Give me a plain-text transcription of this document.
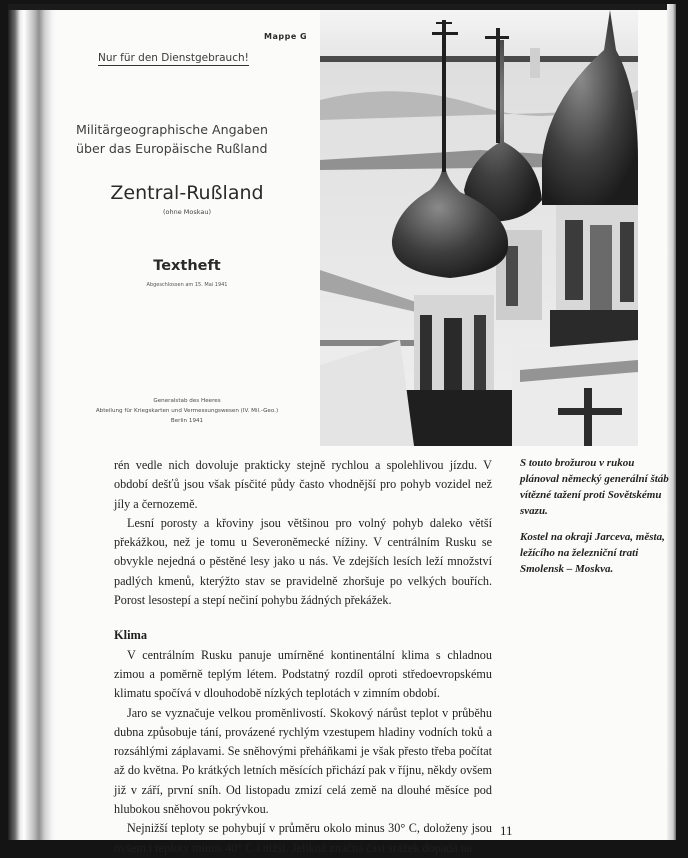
Mappe G
Nur für den Dienstgebrauch!
Militärgeographische Angaben
über das Europäische Rußland
Zentral-Rußland
(ohne Moskau)
Textheft
Abgeschlossen am 15. Mai 1941
Generalstab des Heeres
Abteilung für Kriegskarten und Vermessungswesen (IV. Mil.-Geo.)
Berlin 1941

rén vedle nich dovoluje prakticky stejně rychlou a spolehlivou jízdu. V období dešťů jsou však písčité půdy často vhodnější pro pohyb vozidel než jíly a černozemě.

Lesní porosty a křoviny jsou většinou pro volný pohyb daleko větší překážkou, než je tomu u Severoněmecké nížiny. V centrálním Rusku se obvykle nejedná o pěstěné lesy jako u nás. Ve zdejších lesích leží množství padlých kmenů, kterýžto stav se pravidelně zhoršuje po velkých bouřích. Porost lesostepí a stepí nečiní pohybu žádných překážek.

Klima

V centrálním Rusku panuje umírněné kontinentální klima s chladnou zimou a poměrně teplým létem. Podstatný rozdíl oproti středoevropskému klimatu spočívá v dlouhodobě nízkých teplotách v zimním období.

Jaro se vyznačuje velkou proměnlivostí. Skokový nárůst teplot v průběhu dubna způsobuje tání, provázené rychlým vzestupem hladiny vodních toků a rozsáhlými záplavami. Se sněhovými přeháňkami je však přesto třeba počítat až do května. Po krátkých letních měsících přichází pak v říjnu, někdy ovšem již v září, první sníh. Od listopadu zmizí celá země na dlouhé měsíce pod hlubokou sněhovou pokrývkou.

Nejnižší teploty se pohybují v průměru okolo minus 30° C, doloženy jsou ovšem i teploty minus 40° C i nižší. Jelikož značná část srážek dopadá na

S touto brožurou v rukou plánoval německý generální štáb vítězné tažení proti Sovětskému svazu.
Kostel na okraji Jarceva, města, ležícího na železniční trati Smolensk – Moskva.
11
